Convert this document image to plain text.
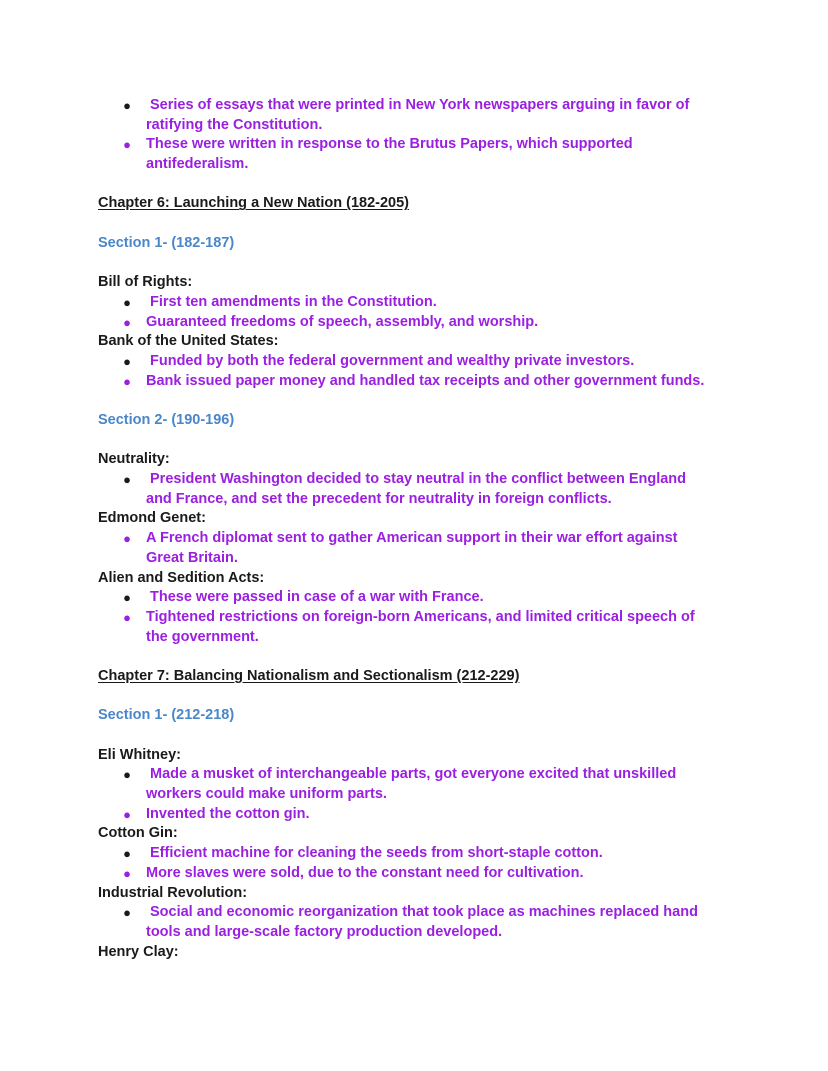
● Series of essays that were printed in New York newspapers arguing in favor of
ratifying the Constitution.
● These were written in response to the Brutus Papers, which supported
antifederalism.
Chapter 6: Launching a New Nation (182-205)
Section 1- (182-187)
Bill of Rights:
● First ten amendments in the Constitution.
● Guaranteed freedoms of speech, assembly, and worship.
Bank of the United States:
● Funded by both the federal government and wealthy private investors.
● Bank issued paper money and handled tax receipts and other government funds.
Section 2- (190-196)
Neutrality:
● President Washington decided to stay neutral in the conflict between England
and France, and set the precedent for neutrality in foreign conflicts.
Edmond Genet:
● A French diplomat sent to gather American support in their war effort against
Great Britain.
Alien and Sedition Acts:
● These were passed in case of a war with France.
● Tightened restrictions on foreign-born Americans, and limited critical speech of
the government.
Chapter 7: Balancing Nationalism and Sectionalism (212-229)
Section 1- (212-218)
Eli Whitney:
● Made a musket of interchangeable parts, got everyone excited that unskilled
workers could make uniform parts.
● Invented the cotton gin.
Cotton Gin:
● Efficient machine for cleaning the seeds from short-staple cotton.
● More slaves were sold, due to the constant need for cultivation.
Industrial Revolution:
● Social and economic reorganization that took place as machines replaced hand
tools and large-scale factory production developed.
Henry Clay:
